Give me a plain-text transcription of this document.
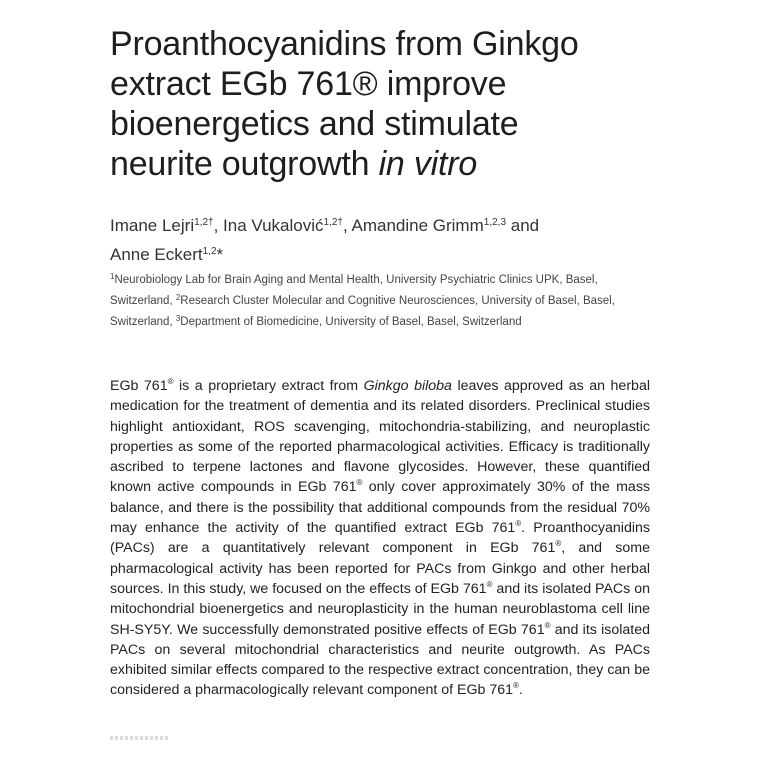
Proanthocyanidins from Ginkgo
extract EGb 761® improve
bioenergetics and stimulate
neurite outgrowth in vitro
Imane Lejri$^{1,2\dagger}$, Ina Vukalović$^{1,2\dagger}$, Amandine Grimm$^{1,2,3}$ and
Anne Eckert$^{1,2}$*
$^1$Neurobiology Lab for Brain Aging and Mental Health, University Psychiatric Clinics UPK, Basel, Switzerland, $^2$Research Cluster Molecular and Cognitive Neurosciences, University of Basel, Basel, Switzerland, $^3$Department of Biomedicine, University of Basel, Basel, Switzerland
EGb 761® is a proprietary extract from Ginkgo biloba leaves approved as an herbal medication for the treatment of dementia and its related disorders. Preclinical studies highlight antioxidant, ROS scavenging, mitochondria-stabilizing, and neuroplastic properties as some of the reported pharmacological activities. Efficacy is traditionally ascribed to terpene lactones and flavone glycosides. However, these quantified known active compounds in EGb 761® only cover approximately 30% of the mass balance, and there is the possibility that additional compounds from the residual 70% may enhance the activity of the quantified extract EGb 761®. Proanthocyanidins (PACs) are a quantitatively relevant component in EGb 761®, and some pharmacological activity has been reported for PACs from Ginkgo and other herbal sources. In this study, we focused on the effects of EGb 761® and its isolated PACs on mitochondrial bioenergetics and neuroplasticity in the human neuroblastoma cell line SH-SY5Y. We successfully demonstrated positive effects of EGb 761® and its isolated PACs on several mitochondrial characteristics and neurite outgrowth. As PACs exhibited similar effects compared to the respective extract concentration, they can be considered a pharmacologically relevant component of EGb 761®.
